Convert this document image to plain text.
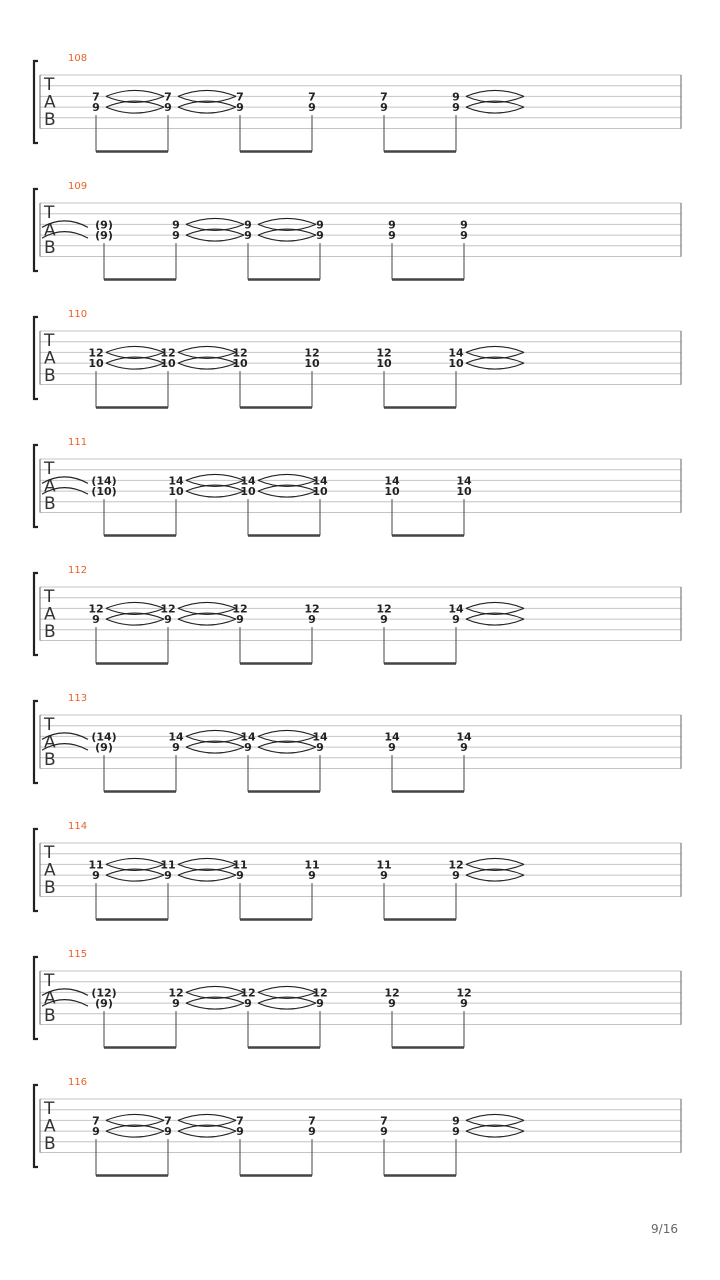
108
T
A
B
7
9
7
9
7
9
7
9
7
9
9
9
109
T
A
B
(9)
(9)
9
9
9
9
9
9
9
9
9
9
110
T
A
B
12
10
12
10
12
10
12
10
12
10
14
10
111
T
A
B
(14)
(10)
14
10
14
10
14
10
14
10
14
10
112
T
A
B
12
9
12
9
12
9
12
9
12
9
14
9
113
T
A
B
(14)
(9)
14
9
14
9
14
9
14
9
14
9
114
T
A
B
11
9
11
9
11
9
11
9
11
9
12
9
115
T
A
B
(12)
(9)
12
9
12
9
12
9
12
9
12
9
116
T
A
B
7
9
7
9
7
9
7
9
7
9
9
9
9/16
